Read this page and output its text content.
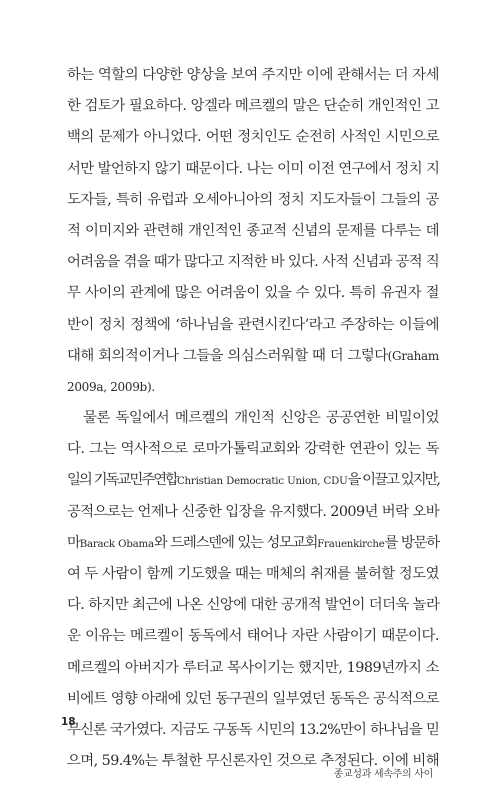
하는 역할의 다양한 양상을 보여 주지만 이에 관해서는 더 자세
한 검토가 필요하다. 앙겔라 메르켈의 말은 단순히 개인적인 고
백의 문제가 아니었다. 어떤 정치인도 순전히 사적인 시민으로
서만 발언하지 않기 때문이다. 나는 이미 이전 연구에서 정치 지
도자들, 특히 유럽과 오세아니아의 정치 지도자들이 그들의 공
적 이미지와 관련해 개인적인 종교적 신념의 문제를 다루는 데
어려움을 겪을 때가 많다고 지적한 바 있다. 사적 신념과 공적 직
무 사이의 관계에 많은 어려움이 있을 수 있다. 특히 유권자 절
반이 정치 정책에 ‘하나님을 관련시킨다’라고 주장하는 이들에
대해 회의적이거나 그들을 의심스러워할 때 더 그렇다(Graham
2009a, 2009b).
물론 독일에서 메르켈의 개인적 신앙은 공공연한 비밀이었
다. 그는 역사적으로 로마가톨릭교회와 강력한 연관이 있는 독
일의 기독교민주연합Christian Democratic Union, CDU을 이끌고 있지만,
공적으로는 언제나 신중한 입장을 유지했다. 2009년 버락 오바
마Barack Obama와 드레스덴에 있는 성모교회Frauenkirche를 방문하
여 두 사람이 함께 기도했을 때는 매체의 취재를 불허할 정도였
다. 하지만 최근에 나온 신앙에 대한 공개적 발언이 더더욱 놀라
운 이유는 메르켈이 동독에서 태어나 자란 사람이기 때문이다.
메르켈의 아버지가 루터교 목사이기는 했지만, 1989년까지 소
비에트 영향 아래에 있던 동구권의 일부였던 동독은 공식적으로
무신론 국가였다. 지금도 구동독 시민의 13.2%만이 하나님을 믿
으며, 59.4%는 투철한 무신론자인 것으로 추정된다. 이에 비해
18
종교성과 세속주의 사이
